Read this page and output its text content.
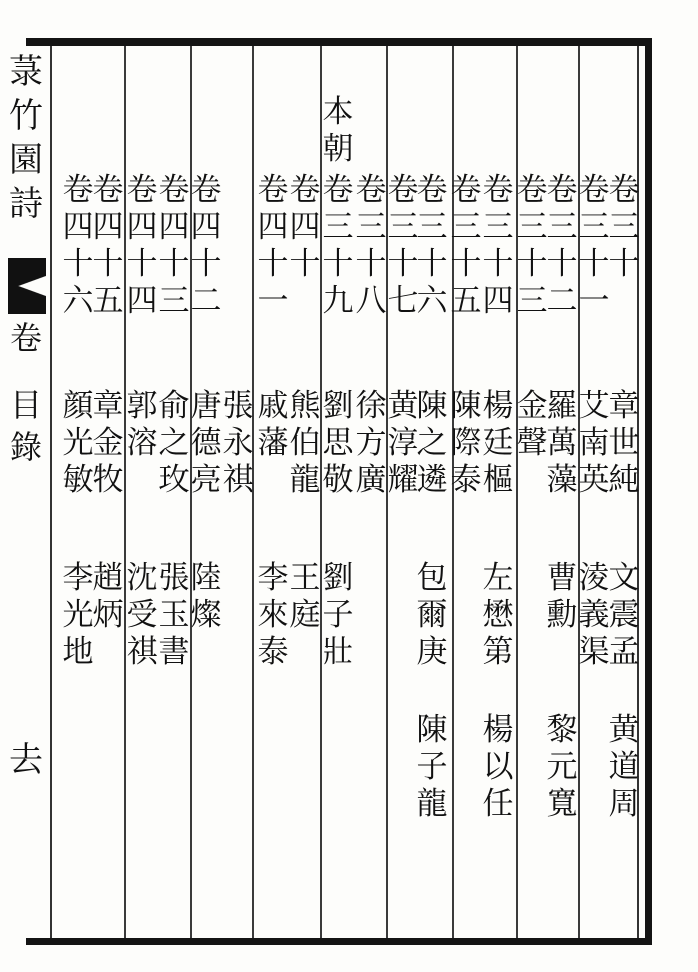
菉
竹
園
詩
卷
目
錄
去
本
朝
卷
三
十
章
世
純
文
震
孟
黄
道
周
卷
三
十
一
艾
南
英
淩
義
渠
卷
三
十
二
羅
萬
藻
曹
勳
黎
元
寬
卷
三
十
三
金
聲
卷
三
十
四
楊
廷
樞
左
懋
第
楊
以
任
卷
三
十
五
陳
際
泰
卷
三
十
六
陳
之
遴
包
爾
庚
陳
子
龍
卷
三
十
七
黄
淳
耀
卷
三
十
八
徐
方
廣
卷
三
十
九
劉
思
敬
劉
子
壯
卷
四
十
熊
伯
龍
王
庭
卷
四
十
一
戚
藩
李
來
泰
張
永
祺
卷
四
十
二
唐
德
亮
陸
燦
卷
四
十
三
俞
之
玫
張
玉
書
卷
四
十
四
郭
溶
沈
受
祺
卷
四
十
五
章
金
牧
趙
炳
卷
四
十
六
顔
光
敏
李
光
地
